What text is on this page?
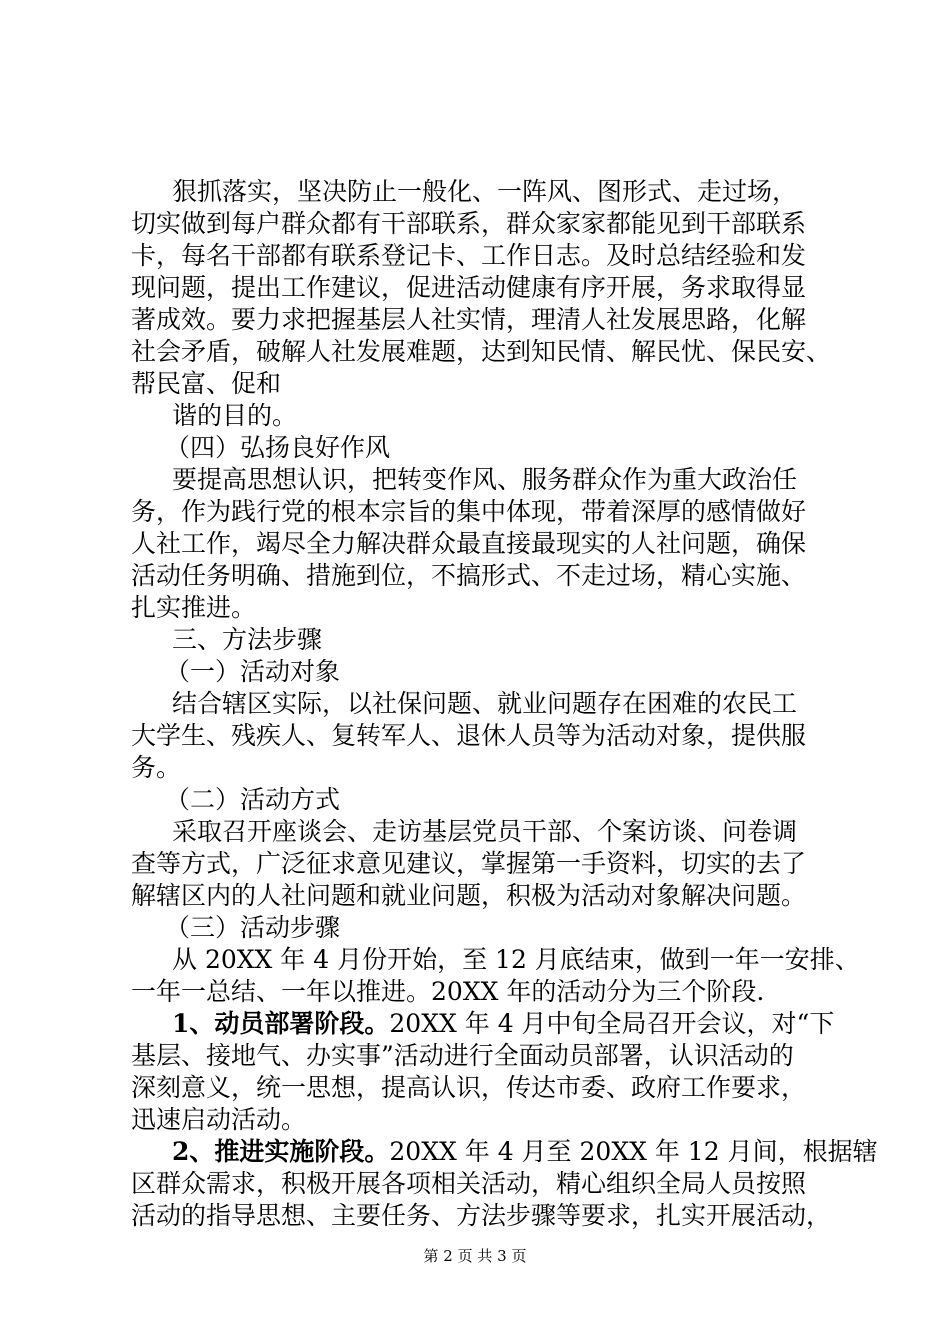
狠抓落实，坚决防止一般化、一阵风、图形式、走过场，
切实做到每户群众都有干部联系，群众家家都能见到干部联系
卡，每名干部都有联系登记卡、工作日志。及时总结经验和发
现问题，提出工作建议，促进活动健康有序开展，务求取得显
著成效。要力求把握基层人社实情，理清人社发展思路，化解
社会矛盾，破解人社发展难题，达到知民情、解民忧、保民安、
帮民富、促和
谐的目的。
（四）弘扬良好作风
要提高思想认识，把转变作风、服务群众作为重大政治任
务，作为践行党的根本宗旨的集中体现，带着深厚的感情做好
人社工作，竭尽全力解决群众最直接最现实的人社问题，确保
活动任务明确、措施到位，不搞形式、不走过场，精心实施、
扎实推进。
三、方法步骤
（一）活动对象
结合辖区实际，以社保问题、就业问题存在困难的农民工
大学生、残疾人、复转军人、退休人员等为活动对象，提供服
务。
（二）活动方式
采取召开座谈会、走访基层党员干部、个案访谈、问卷调
查等方式，广泛征求意见建议，掌握第一手资料，切实的去了
解辖区内的人社问题和就业问题，积极为活动对象解决问题。
（三）活动步骤
从 20XX 年 4 月份开始，至 12 月底结束，做到一年一安排、
一年一总结、一年以推进。20XX 年的活动分为三个阶段.
1、动员部署阶段。20XX 年 4 月中旬全局召开会议，对“下
基层、接地气、办实事”活动进行全面动员部署，认识活动的
深刻意义，统一思想，提高认识，传达市委、政府工作要求，
迅速启动活动。
2、推进实施阶段。20XX 年 4 月至 20XX 年 12 月间，根据辖
区群众需求，积极开展各项相关活动，精心组织全局人员按照
活动的指导思想、主要任务、方法步骤等要求，扎实开展活动，
第 2 页 共 3 页
